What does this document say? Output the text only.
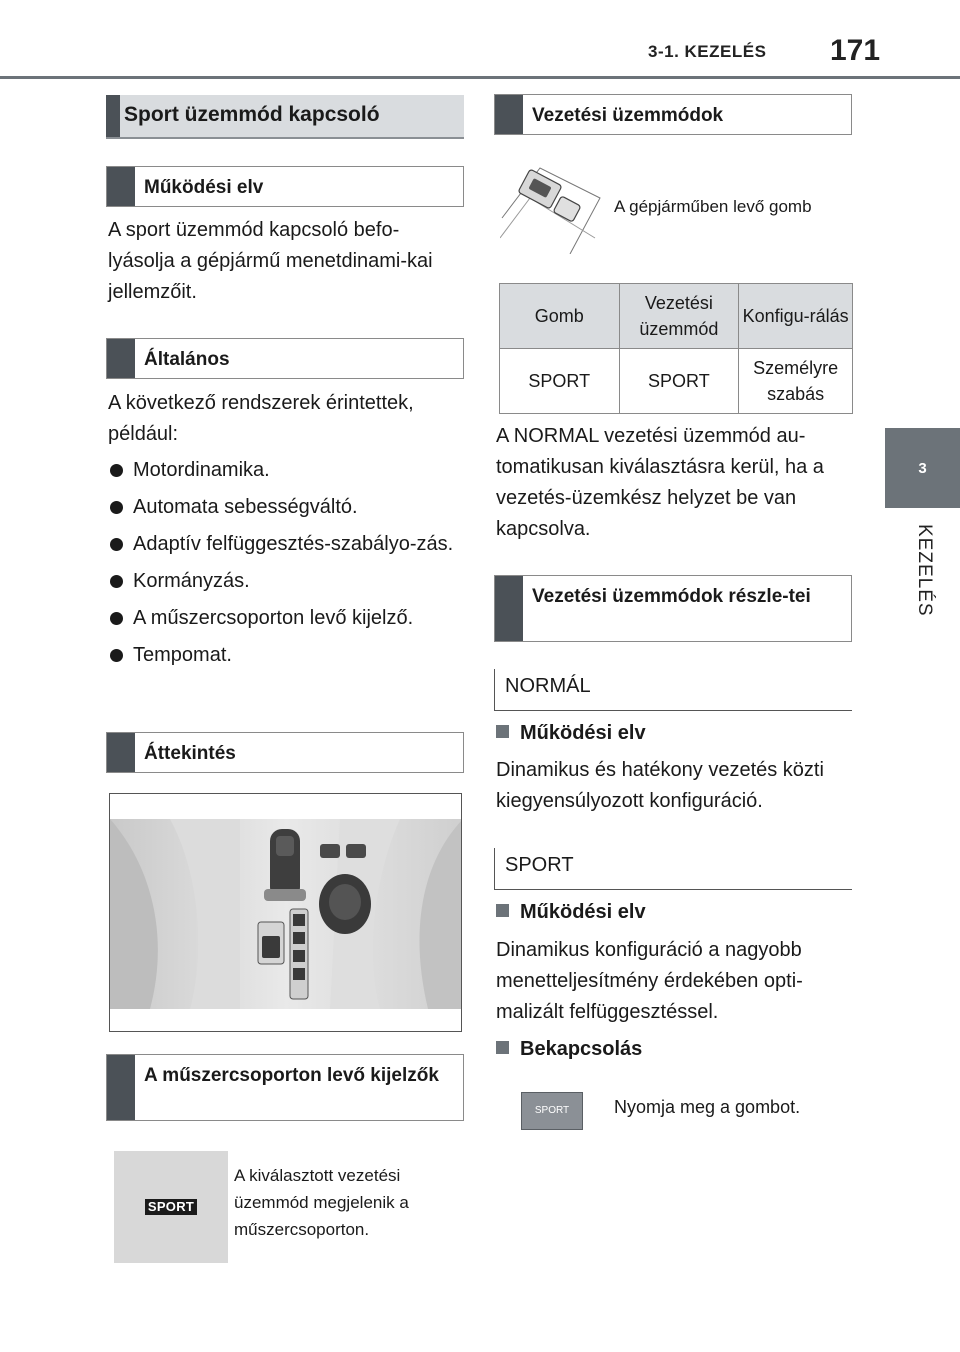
3-1. KEZELÉS 171
3
KEZELÉS
Sport üzemmód kapcsoló
Működési elv
A sport üzemmód kapcsoló befo-lyásolja a gépjármű menetdinami-kai jellemzőit.
Általános
A következő rendszerek érintettek, például:
Motordinamika.
Automata sebességváltó.
Adaptív felfüggesztés-szabályo-zás.
Kormányzás.
A műszercsoporton levő kijelző.
Tempomat.
Áttekintés
A műszercsoporton levő kijelzők
SPORT
A kiválasztott vezetési üzemmód megjelenik a műszercsoporton.
Vezetési üzemmódok
A gépjárműben levő gomb
Gomb	Vezetési üzemmód	Konfigu-rálás
SPORT	SPORT	Személyre szabás
A NORMAL vezetési üzemmód au-tomatikusan kiválasztásra kerül, ha a vezetés-üzemkész helyzet be van kapcsolva.
Vezetési üzemmódok részle-tei
NORMÁL
Működési elv
Dinamikus és hatékony vezetés közti kiegyensúlyozott konfiguráció.
SPORT
Működési elv
Dinamikus konfiguráció a nagyobb menetteljesítmény érdekében opti-malizált felfüggesztéssel.
Bekapcsolás
SPORT	Nyomja meg a gombot.
